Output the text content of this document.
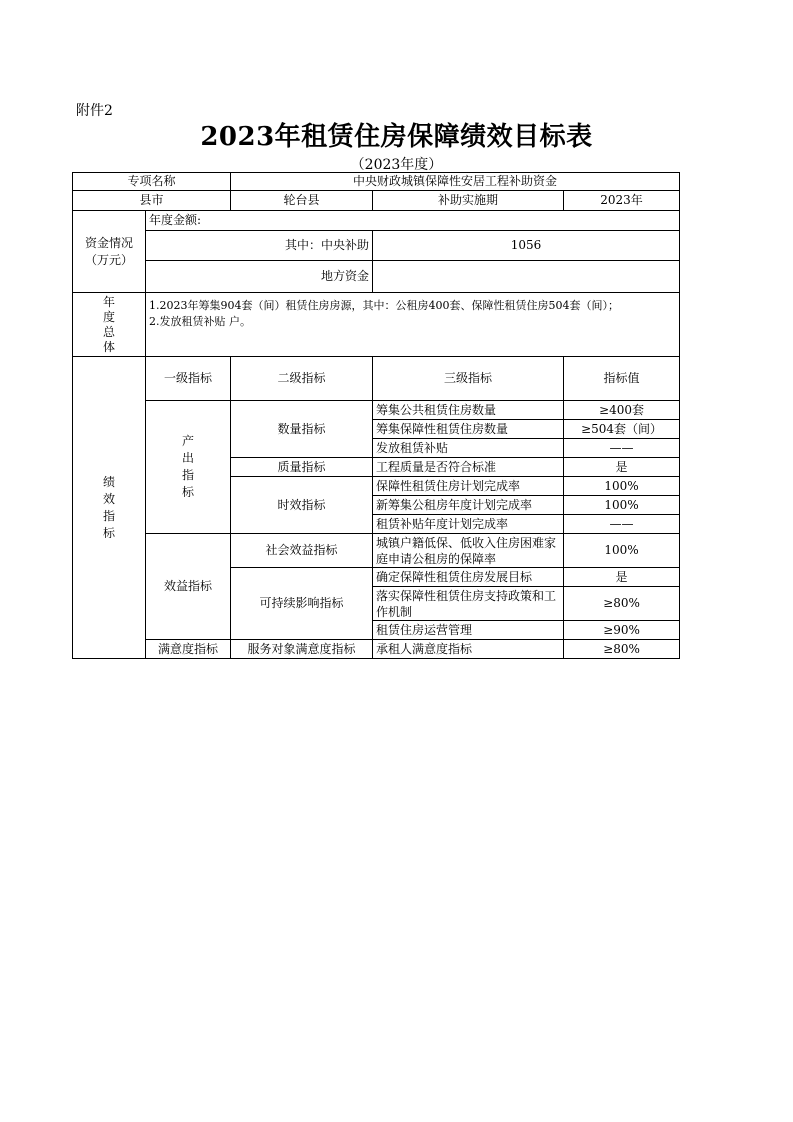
附件2
2023年租赁住房保障绩效目标表
（2023年度）
专项名称		中央财政城镇保障性安居工程补助资金		
县市		轮台县	补助实施期	2023年

资金情况（万元）	年度金额:			
	其中：中央补助		1056	
	地方资金			

年度总体	1.2023年筹集904套（间）租赁住房房源，其中：公租房400套、保障性租赁住房504套（间）；
2.发放租赁补贴 户。			

绩效指标	一级指标	二级指标	三级指标	指标值

	产出指标	数量指标	筹集公共租赁住房数量	≥400套
			筹集保障性租赁住房数量	≥504套（间）
			发放租赁补贴	——
		质量指标	工程质量是否符合标准	是
		时效指标	保障性租赁住房计划完成率	100%
			新筹集公租房年度计划完成率	100%
			租赁补贴年度计划完成率	——
	效益指标	社会效益指标	城镇户籍低保、低收入住房困难家庭申请公租房的保障率	100%
		可持续影响指标	确定保障性租赁住房发展目标	是
			落实保障性租赁住房支持政策和工作机制	≥80%
			租赁住房运营管理	≥90%
	满意度指标	服务对象满意度指标	承租人满意度指标	≥80%
